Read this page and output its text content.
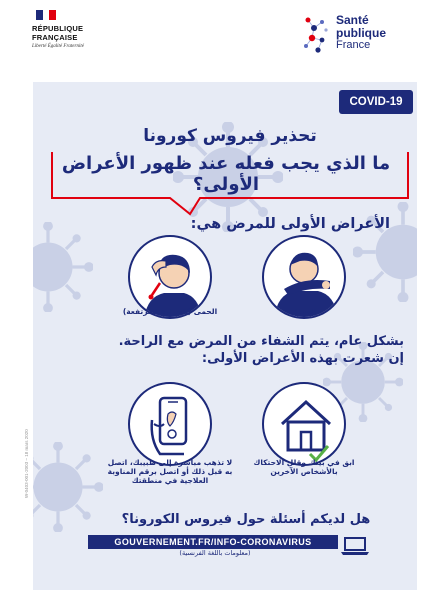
RÉPUBLIQUE FRANÇAISE
Liberté Égalité Fraternité
Santé
publique
France
W-0403-001-2003 – 18 mars 2020
COVID-19
تحذير فيروس كورونا
ما الذي يجب فعله عند ظهور الأعراض الأولى؟
الأعراض الأولى للمرض هي:
السعال
الحمى (الحرارة المرتفعة)
بشكل عام، يتم الشفاء من المرض مع الراحة.
إن شعرت بهذه الأعراض الأولى:
ابق في بيتك وقلل الاحتكاك
بالأشخاص الآخرين
لا تذهب مباشرة إلى طبيبك، اتصل
به قبل ذلك أو اتصل برقم المناوبة
العلاجية في منطقتك
هل لديكم أسئلة حول فيروس الكورونا؟
GOUVERNEMENT.FR/INFO-CORONAVIRUS
(معلومات باللغة الفرنسية)
